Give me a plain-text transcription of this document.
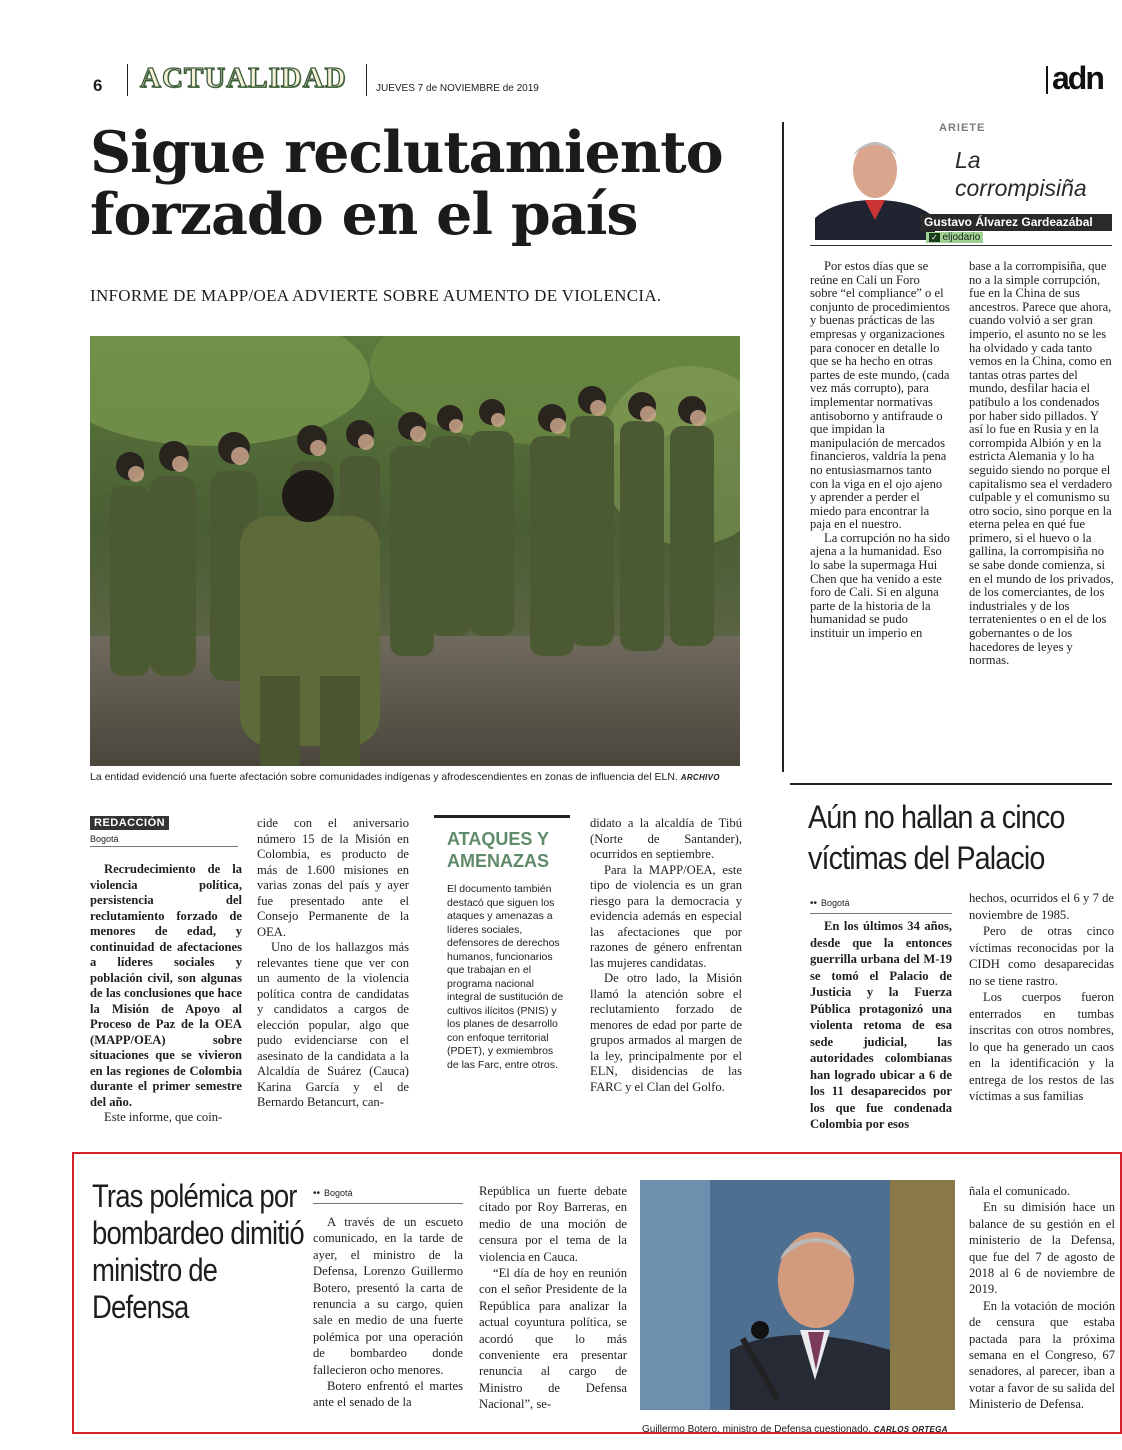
6 ACTUALIDAD	JUEVES 7 de NOVIEMBRE de 2019	adn
Sigue reclutamiento forzado en el país
INFORME DE MAPP/OEA ADVIERTE SOBRE AUMENTO DE VIOLENCIA.
La entidad evidenció una fuerte afectación sobre comunidades indígenas y afrodescendientes en zonas de influencia del ELN. ARCHIVO
REDACCIÓN
Bogotá

Recrudecimiento de la violencia política, persistencia del reclutamiento forzado de menores de edad, y continuidad de afectaciones a líderes sociales y población civil, son algunas de las conclusiones que hace la Misión de Apoyo al Proceso de Paz de la OEA (MAPP/OEA) sobre situaciones que se vivieron en las regiones de Colombia durante el primer semestre del año.

Este informe, que coin-

cide con el aniversario número 15 de la Misión en Colombia, es producto de más de 1.600 misiones en varias zonas del país y ayer fue presentado ante el Consejo Permanente de la OEA.

Uno de los hallazgos más relevantes tiene que ver con un aumento de la violencia política contra de candidatas y candidatos a cargos de elección popular, algo que pudo evidenciarse con el asesinato de la candidata a la Alcaldía de Suárez (Cauca) Karina García y el de Bernardo Betancurt, can-

ATAQUES Y AMENAZAS
El documento también destacó que siguen los ataques y amenazas a líderes sociales, defensores de derechos humanos, funcionarios que trabajan en el programa nacional integral de sustitución de cultivos ilícitos (PNIS) y los planes de desarrollo con enfoque territorial (PDET), y exmiembros de las Farc, entre otros.

didato a la alcaldía de Tibú (Norte de Santander), ocurridos en septiembre.

Para la MAPP/OEA, este tipo de violencia es un gran riesgo para la democracia y evidencia además en especial las afectaciones que por razones de género enfrentan las mujeres candidatas.

De otro lado, la Misión llamó la atención sobre el reclutamiento forzado de menores de edad por parte de grupos armados al margen de la ley, principalmente por el ELN, disidencias de las FARC y el Clan del Golfo.

ARIETE
La corrompisiña
Gustavo Álvarez Gardeazábal
✓ eljodario

Por estos días que se reúne en Cali un Foro sobre “el compliance” o el conjunto de procedimientos y buenas prácticas de las empresas y organizaciones para conocer en detalle lo que se ha hecho en otras partes de este mundo, (cada vez más corrupto), para implementar normativas antisoborno y antifraude o que impidan la manipulación de mercados financieros, valdría la pena no entusiasmarnos tanto con la viga en el ojo ajeno y aprender a perder el miedo para encontrar la paja en el nuestro.

La corrupción no ha sido ajena a la humanidad. Eso lo sabe la supermaga Hui Chen que ha venido a este foro de Cali. Si en alguna parte de la historia de la humanidad se pudo instituir un imperio en

base a la corrompisiña, que no a la simple corrupción, fue en la China de sus ancestros. Parece que ahora, cuando volvió a ser gran imperio, el asunto no se les ha olvidado y cada tanto vemos en la China, como en tantas otras partes del mundo, desfilar hacia el patíbulo a los condenados por haber sido pillados. Y así lo fue en Rusia y en la corrompida Albión y en la estricta Alemania y lo ha seguido siendo no porque el capitalismo sea el verdadero culpable y el comunismo su otro socio, sino porque en la eterna pelea en qué fue primero, si el huevo o la gallina, la corrompisiña no se sabe donde comienza, si en el mundo de los privados, de los comerciantes, de los industriales y de los terratenientes o en el de los gobernantes o de los hacedores de leyes y normas.

Aún no hallan a cinco víctimas del Palacio
•• Bogotá

En los últimos 34 años, desde que la entonces guerrilla urbana del M-19 se tomó el Palacio de Justicia y la Fuerza Pública protagonizó una violenta retoma de esa sede judicial, las autoridades colombianas han logrado ubicar a 6 de los 11 desaparecidos por los que fue condenada Colombia por esos

hechos, ocurridos el 6 y 7 de noviembre de 1985.

Pero de otras cinco víctimas reconocidas por la CIDH como desaparecidas no se tiene rastro.

Los cuerpos fueron enterrados en tumbas inscritas con otros nombres, lo que ha generado un caos en la identificación y la entrega de los restos de las víctimas a sus familias

Tras polémica por bombardeo dimitió ministro de Defensa
•• Bogotá

A través de un escueto comunicado, en la tarde de ayer, el ministro de la Defensa, Lorenzo Guillermo Botero, presentó la carta de renuncia a su cargo, quien sale en medio de una fuerte polémica por una operación de bombardeo donde fallecieron ocho menores.

Botero enfrentó el martes ante el senado de la

República un fuerte debate citado por Roy Barreras, en medio de una moción de censura por el tema de la violencia en Cauca.

“El día de hoy en reunión con el señor Presidente de la República para analizar la actual coyuntura política, se acordó que lo más conveniente era presentar renuncia al cargo de Ministro de Defensa Nacional”, se-

Guillermo Botero, ministro de Defensa cuestionado. CARLOS ORTEGA

ñala el comunicado.

En su dimisión hace un balance de su gestión en el ministerio de la Defensa, que fue del 7 de agosto de 2018 al 6 de noviembre de 2019.

En la votación de moción de censura que estaba pactada para la próxima semana en el Congreso, 67 senadores, al parecer, iban a votar a favor de su salida del Ministerio de Defensa.
